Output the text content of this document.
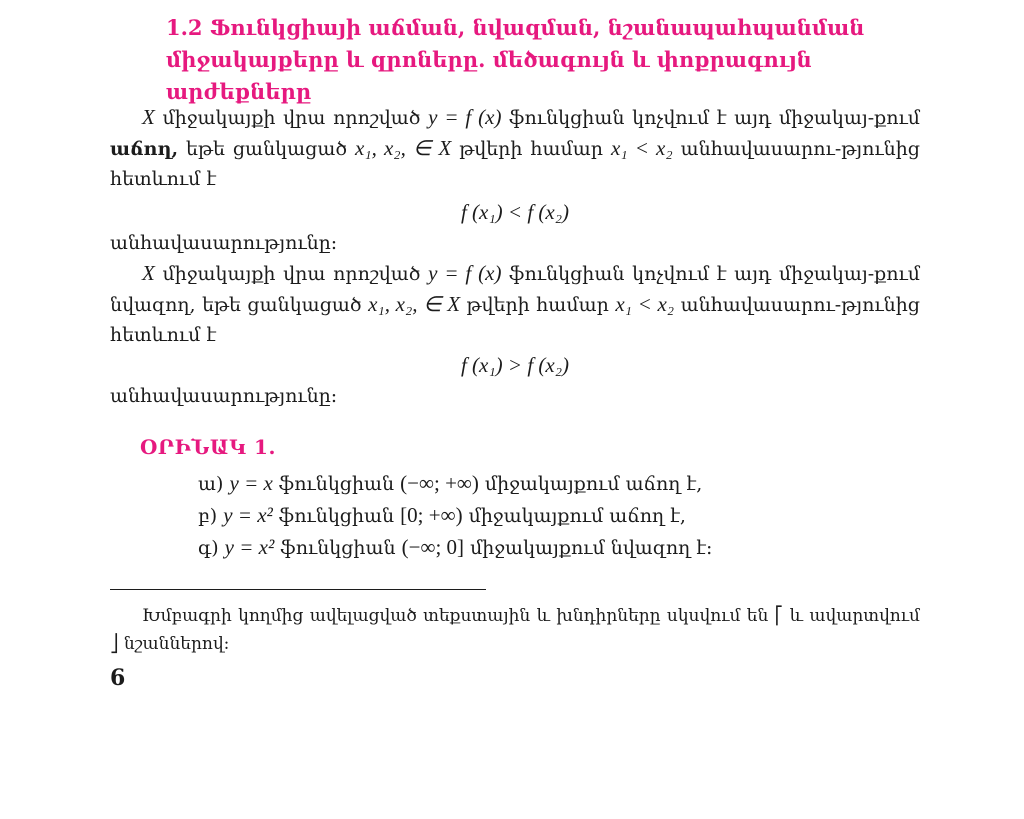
1.2 Ֆունկցիայի աճման, նվազման, նշանապահպանման
միջակայքերը և զրոները. մեծագույն և փոքրագույն արժեքները

X միջակայքի վրա որոշված y = f (x) ֆունկցիան կոչվում է այդ միջակայ-քում աճող, եթե ցանկացած x₁, x₂, ∈ X թվերի համար x₁ < x₂ անհավասարու-թյունից հետևում է

f (x₁) < f (x₂)

անհավասարությունը:

X միջակայքի վրա որոշված y = f (x) ֆունկցիան կոչվում է այդ միջակայ-քում նվազող, եթե ցանկացած x₁, x₂, ∈ X թվերի համար x₁ < x₂ անհավասարու-թյունից հետևում է

f (x₁) > f (x₂)

անհավասարությունը:

ՕՐԻՆԱԿ 1.
ա) y = x ֆունկցիան (−∞; +∞) միջակայքում աճող է,
բ) y = x² ֆունկցիան [0; +∞) միջակայքում աճող է,
գ) y = x² ֆունկցիան (−∞; 0] միջակայքում նվազող է:
Խմբագրի կողմից ավելացված տեքստային և խնդիրները սկսվում են ⎡ և ավարտվում ⎦ նշաններով:
6
